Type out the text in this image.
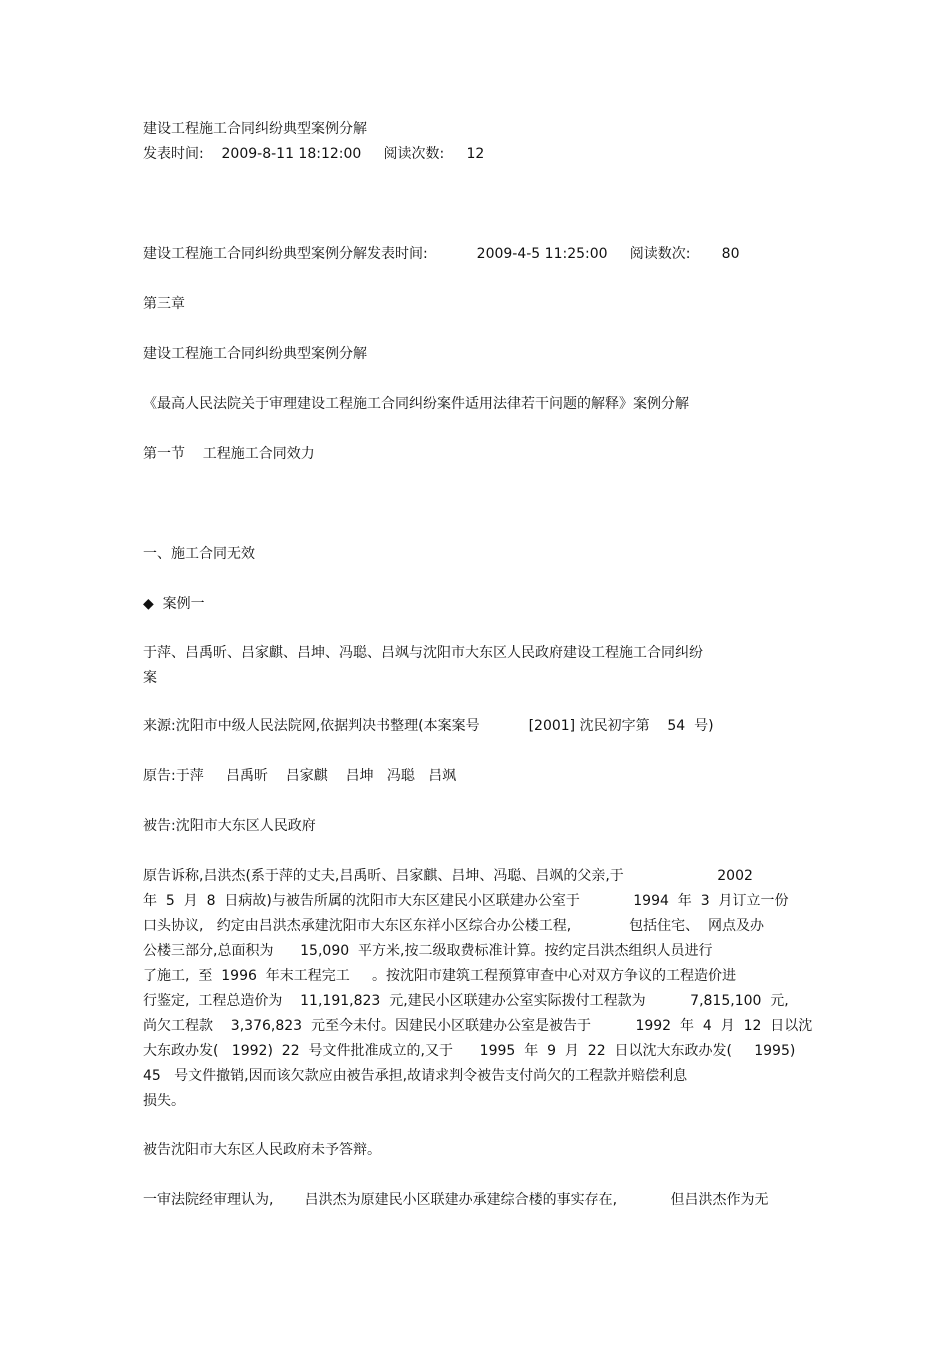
建设工程施工合同纠纷典型案例分解
发表时间:    2009-8-11 18:12:00     阅读次数:     12
建设工程施工合同纠纷典型案例分解发表时间:           2009-4-5 11:25:00     阅读数次:       80
第三章
建设工程施工合同纠纷典型案例分解
《最高人民法院关于审理建设工程施工合同纠纷案件适用法律若干问题的解释》案例分解
第一节    工程施工合同效力
一、施工合同无效
◆  案例一
于萍、吕禹昕、吕家麒、吕坤、冯聪、吕飒与沈阳市大东区人民政府建设工程施工合同纠纷
案
来源:沈阳市中级人民法院网,依据判决书整理(本案案号           [2001] 沈民初字第    54  号)
原告:于萍     吕禹昕    吕家麒    吕坤   冯聪   吕飒
被告:沈阳市大东区人民政府
原告诉称,吕洪杰(系于萍的丈夫,吕禹昕、吕家麒、吕坤、冯聪、吕飒的父亲,于                     2002
年  5  月  8  日病故)与被告所属的沈阳市大东区建民小区联建办公室于            1994  年  3  月订立一份
口头协议,   约定由吕洪杰承建沈阳市大东区东祥小区综合办公楼工程,             包括住宅、  网点及办
公楼三部分,总面积为      15,090  平方米,按二级取费标准计算。按约定吕洪杰组织人员进行
了施工,  至  1996  年末工程完工     。按沈阳市建筑工程预算审查中心对双方争议的工程造价进
行鉴定,  工程总造价为    11,191,823  元,建民小区联建办公室实际拨付工程款为          7,815,100  元,
尚欠工程款    3,376,823  元至今未付。因建民小区联建办公室是被告于          1992  年  4  月  12  日以沈
大东政办发(   1992)  22  号文件批准成立的,又于      1995  年  9  月  22  日以沈大东政办发(     1995)
45   号文件撤销,因而该欠款应由被告承担,故请求判令被告支付尚欠的工程款并赔偿利息
损失。
被告沈阳市大东区人民政府未予答辩。
一审法院经审理认为,       吕洪杰为原建民小区联建办承建综合楼的事实存在,            但吕洪杰作为无
